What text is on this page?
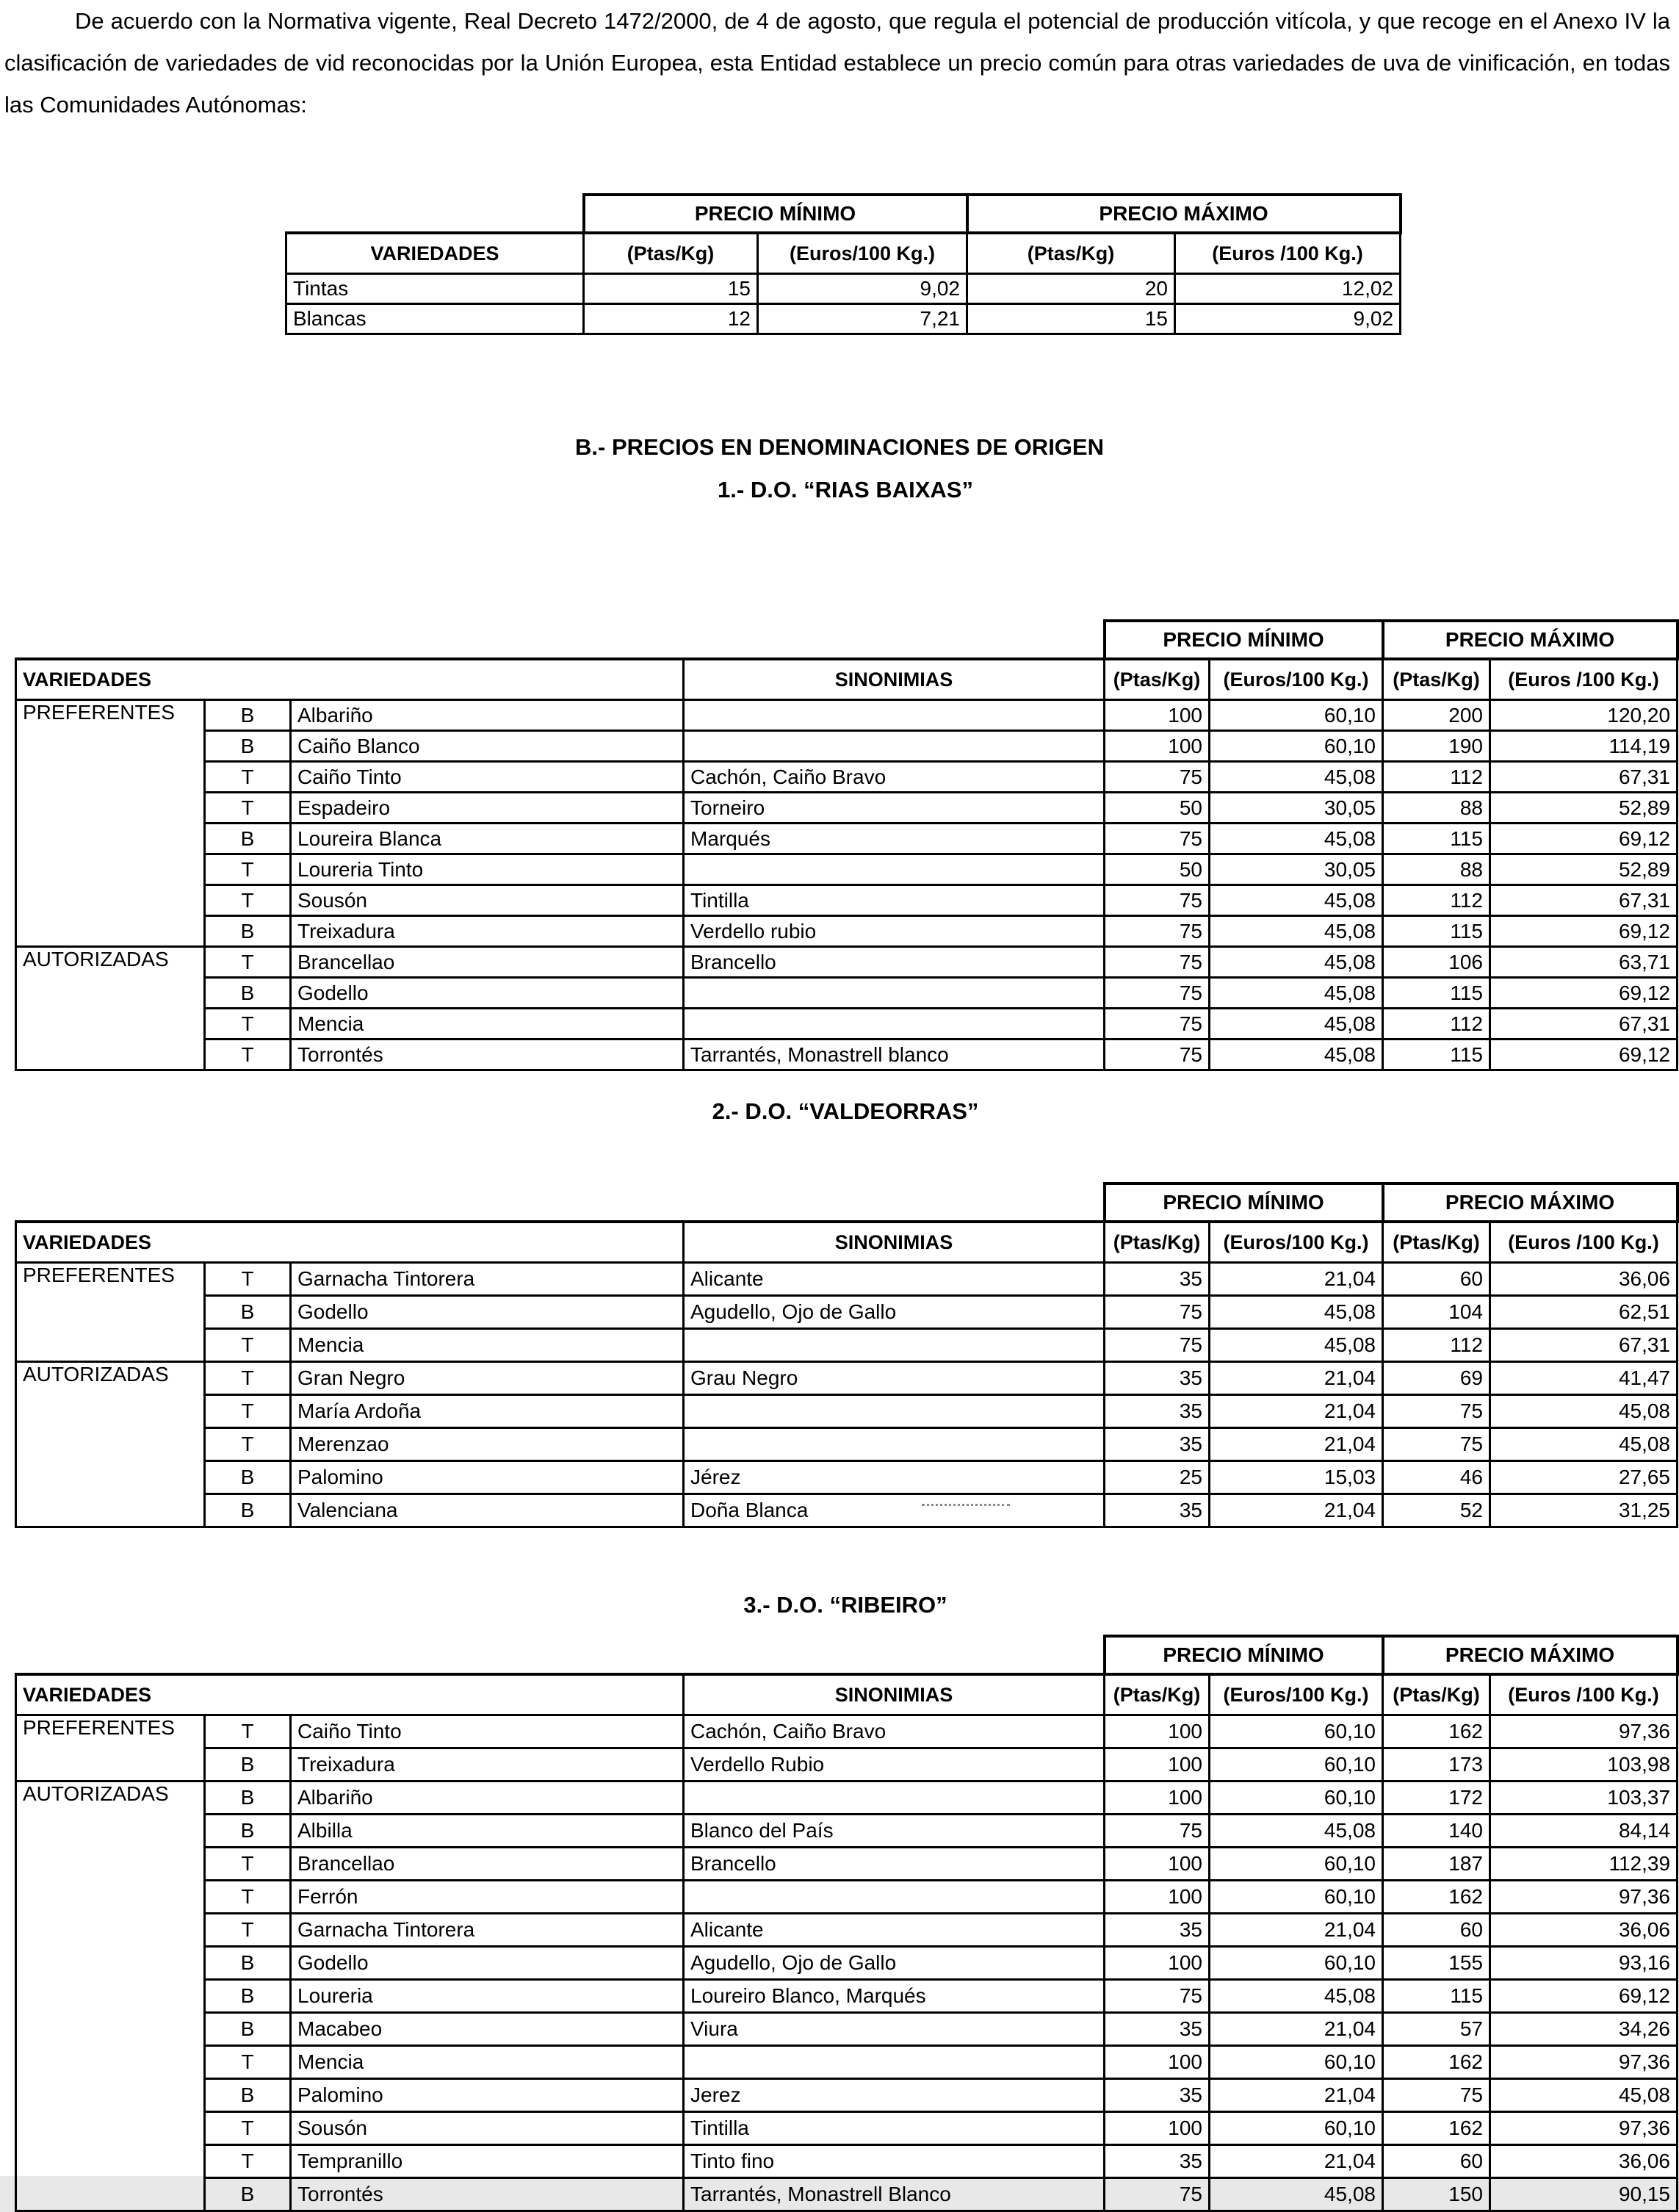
De acuerdo con la Normativa vigente, Real Decreto 1472/2000, de 4 de agosto, que regula el potencial de producción vitícola, y que recoge en el Anexo IV la clasificación de variedades de vid reconocidas por la Unión Europea, esta Entidad establece un precio común para otras variedades de uva de vinificación, en todas las Comunidades Autónomas:

	PRECIO MÍNIMO		PRECIO MÁXIMO	
VARIEDADES	(Ptas/Kg)	(Euros/100 Kg.)	(Ptas/Kg)	(Euros /100 Kg.)
Tintas	15	9,02	20	12,02
Blancas	12	7,21	15	9,02
B.- PRECIOS EN DENOMINACIONES DE ORIGEN
1.- D.O. “RIAS BAIXAS”
				PRECIO MÍNIMO		PRECIO MÁXIMO	
VARIEDADES			SINONIMIAS	(Ptas/Kg)	(Euros/100 Kg.)	(Ptas/Kg)	(Euros /100 Kg.)
PREFERENTES	B	Albariño		100	60,10	200	120,20
	B	Caiño Blanco		100	60,10	190	114,19
	T	Caiño Tinto	Cachón, Caiño Bravo	75	45,08	112	67,31
	T	Espadeiro	Torneiro	50	30,05	88	52,89
	B	Loureira Blanca	Marqués	75	45,08	115	69,12
	T	Loureria Tinto		50	30,05	88	52,89
	T	Sousón	Tintilla	75	45,08	112	67,31
	B	Treixadura	Verdello rubio	75	45,08	115	69,12
AUTORIZADAS	T	Brancellao	Brancello	75	45,08	106	63,71
	B	Godello		75	45,08	115	69,12
	T	Mencia		75	45,08	112	67,31
	T	Torrontés	Tarrantés, Monastrell blanco	75	45,08	115	69,12
2.- D.O. “VALDEORRAS”
				PRECIO MÍNIMO		PRECIO MÁXIMO	
VARIEDADES			SINONIMIAS	(Ptas/Kg)	(Euros/100 Kg.)	(Ptas/Kg)	(Euros /100 Kg.)
PREFERENTES	T	Garnacha Tintorera	Alicante	35	21,04	60	36,06
	B	Godello	Agudello, Ojo de Gallo	75	45,08	104	62,51
	T	Mencia		75	45,08	112	67,31
AUTORIZADAS	T	Gran Negro	Grau Negro	35	21,04	69	41,47
	T	María Ardoña		35	21,04	75	45,08
	T	Merenzao		35	21,04	75	45,08
	B	Palomino	Jérez	25	15,03	46	27,65
	B	Valenciana	Doña Blanca	35	21,04	52	31,25
3.- D.O. “RIBEIRO”
				PRECIO MÍNIMO		PRECIO MÁXIMO	
VARIEDADES			SINONIMIAS	(Ptas/Kg)	(Euros/100 Kg.)	(Ptas/Kg)	(Euros /100 Kg.)
PREFERENTES	T	Caiño Tinto	Cachón, Caiño Bravo	100	60,10	162	97,36
	B	Treixadura	Verdello Rubio	100	60,10	173	103,98
AUTORIZADAS	B	Albariño		100	60,10	172	103,37
	B	Albilla	Blanco del País	75	45,08	140	84,14
	T	Brancellao	Brancello	100	60,10	187	112,39
	T	Ferrón		100	60,10	162	97,36
	T	Garnacha Tintorera	Alicante	35	21,04	60	36,06
	B	Godello	Agudello, Ojo de Gallo	100	60,10	155	93,16
	B	Loureria	Loureiro Blanco, Marqués	75	45,08	115	69,12
	B	Macabeo	Viura	35	21,04	57	34,26
	T	Mencia		100	60,10	162	97,36
	B	Palomino	Jerez	35	21,04	75	45,08
	T	Sousón	Tintilla	100	60,10	162	97,36
	T	Tempranillo	Tinto fino	35	21,04	60	36,06
	B	Torrontés	Tarrantés, Monastrell Blanco	75	45,08	150	90,15
